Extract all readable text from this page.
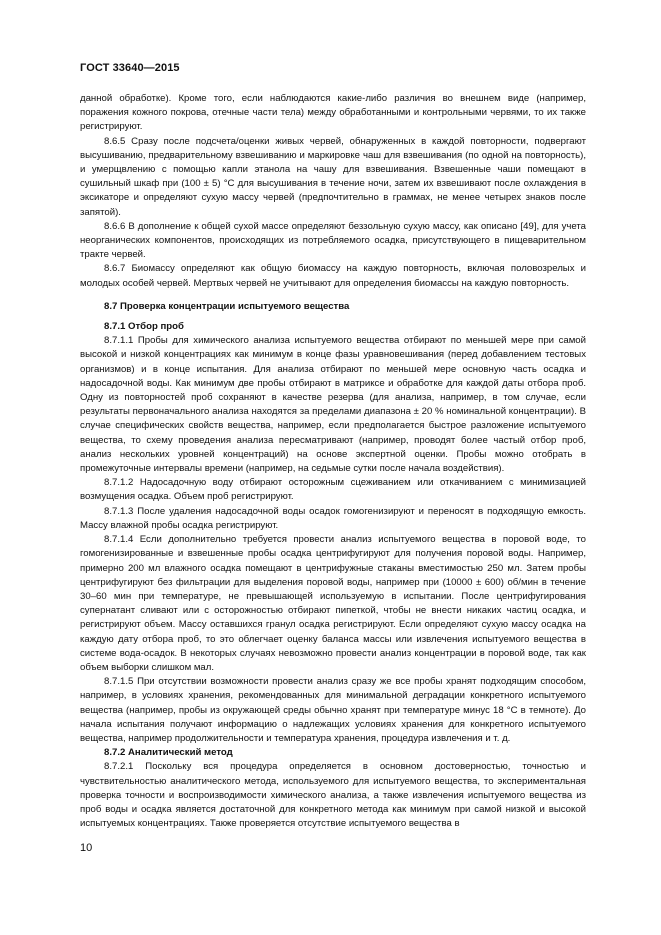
ГОСТ 33640—2015

данной обработке). Кроме того, если наблюдаются какие-либо различия во внешнем виде (например, поражения кожного покрова, отечные части тела) между обработанными и контрольными червями, то их также регистрируют.

8.6.5 Сразу после подсчета/оценки живых червей, обнаруженных в каждой повторности, подвергают высушиванию, предварительному взвешиванию и маркировке чаш для взвешивания (по одной на повторность), и умерщвлению с помощью капли этанола на чашу для взвешивания. Взвешенные чаши помещают в сушильный шкаф при (100 ± 5) °С для высушивания в течение ночи, затем их взвешивают после охлаждения в эксикаторе и определяют сухую массу червей (предпочтительно в граммах, не менее четырех знаков после запятой).

8.6.6 В дополнение к общей сухой массе определяют беззольную сухую массу, как описано [49], для учета неорганических компонентов, происходящих из потребляемого осадка, присутствующего в пищеварительном тракте червей.

8.6.7 Биомассу определяют как общую биомассу на каждую повторность, включая половозрелых и молодых особей червей. Мертвых червей не учитывают для определения биомассы на каждую повторность.

8.7 Проверка концентрации испытуемого вещества

8.7.1 Отбор проб

8.7.1.1 Пробы для химического анализа испытуемого вещества отбирают по меньшей мере при самой высокой и низкой концентрациях как минимум в конце фазы уравновешивания (перед добавлением тестовых организмов) и в конце испытания. Для анализа отбирают по меньшей мере основную часть осадка и надосадочной воды. Как минимум две пробы отбирают в матриксе и обработке для каждой даты отбора проб. Одну из повторностей проб сохраняют в качестве резерва (для анализа, например, в том случае, если результаты первоначального анализа находятся за пределами диапазона ± 20 % номинальной концентрации). В случае специфических свойств вещества, например, если предполагается быстрое разложение испытуемого вещества, то схему проведения анализа пересматривают (например, проводят более частый отбор проб, анализ нескольких уровней концентраций) на основе экспертной оценки. Пробы можно отобрать в промежуточные интервалы времени (например, на седьмые сутки после начала воздействия).

8.7.1.2 Надосадочную воду отбирают осторожным сцеживанием или откачиванием с минимизацией возмущения осадка. Объем проб регистрируют.

8.7.1.3 После удаления надосадочной воды осадок гомогенизируют и переносят в подходящую емкость. Массу влажной пробы осадка регистрируют.

8.7.1.4 Если дополнительно требуется провести анализ испытуемого вещества в поровой воде, то гомогенизированные и взвешенные пробы осадка центрифугируют для получения поровой воды. Например, примерно 200 мл влажного осадка помещают в центрифужные стаканы вместимостью 250 мл. Затем пробы центрифугируют без фильтрации для выделения поровой воды, например при (10000 ± 600) об/мин в течение 30–60 мин при температуре, не превышающей используемую в испытании. После центрифугирования супернатант сливают или с осторожностью отбирают пипеткой, чтобы не внести никаких частиц осадка, и регистрируют объем. Массу оставшихся гранул осадка регистрируют. Если определяют сухую массу осадка на каждую дату отбора проб, то это облегчает оценку баланса массы или извлечения испытуемого вещества в системе вода-осадок. В некоторых случаях невозможно провести анализ концентрации в поровой воде, так как объем выборки слишком мал.

8.7.1.5 При отсутствии возможности провести анализ сразу же все пробы хранят подходящим способом, например, в условиях хранения, рекомендованных для минимальной деградации конкретного испытуемого вещества (например, пробы из окружающей среды обычно хранят при температуре минус 18 °С в темноте). До начала испытания получают информацию о надлежащих условиях хранения для конкретного испытуемого вещества, например продолжительности и температура хранения, процедура извлечения и т. д.

8.7.2 Аналитический метод

8.7.2.1 Поскольку вся процедура определяется в основном достоверностью, точностью и чувствительностью аналитического метода, используемого для испытуемого вещества, то экспериментальная проверка точности и воспроизводимости химического анализа, а также извлечения испытуемого вещества из проб воды и осадка является достаточной для конкретного метода как минимум при самой низкой и высокой испытуемых концентрациях. Также проверяется отсутствие испытуемого вещества в

10
